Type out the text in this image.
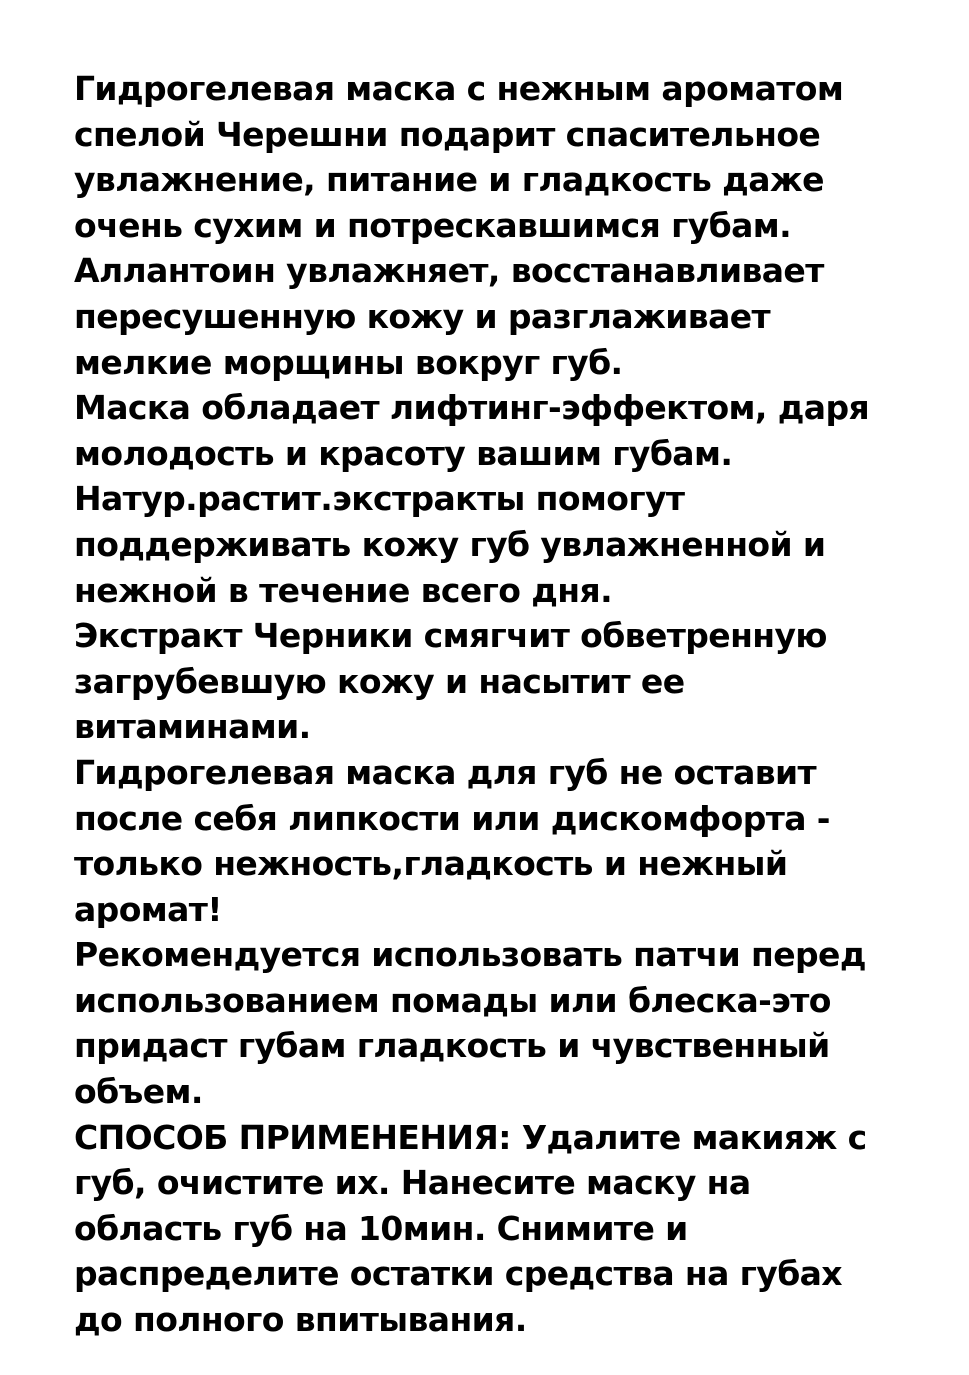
Гидрогелевая маска с нежным ароматом

спелой Черешни подарит спасительное

увлажнение, питание и гладкость даже

очень сухим и потрескавшимся губам.

Аллантоин увлажняет, восстанавливает

пересушенную кожу и разглаживает

мелкие морщины вокруг губ.

Маска обладает лифтинг-эффектом, даря

молодость и красоту вашим губам.

Натур.растит.экстракты помогут

поддерживать кожу губ увлажненной и

нежной в течение всего дня.

Экстракт Черники смягчит обветренную

загрубевшую кожу и насытит ее

витаминами.

Гидрогелевая маска для губ не оставит

после себя липкости или дискомфорта -

только нежность,гладкость и нежный

аромат!

Рекомендуется использовать патчи перед

использованием помады или блеска-это

придаст губам гладкость и чувственный

объем.

СПОСОБ ПРИМЕНЕНИЯ: Удалите макияж с

губ, очистите их. Нанесите маску на

область губ на 10мин. Снимите и

распределите остатки средства на губах

до полного впитывания.
